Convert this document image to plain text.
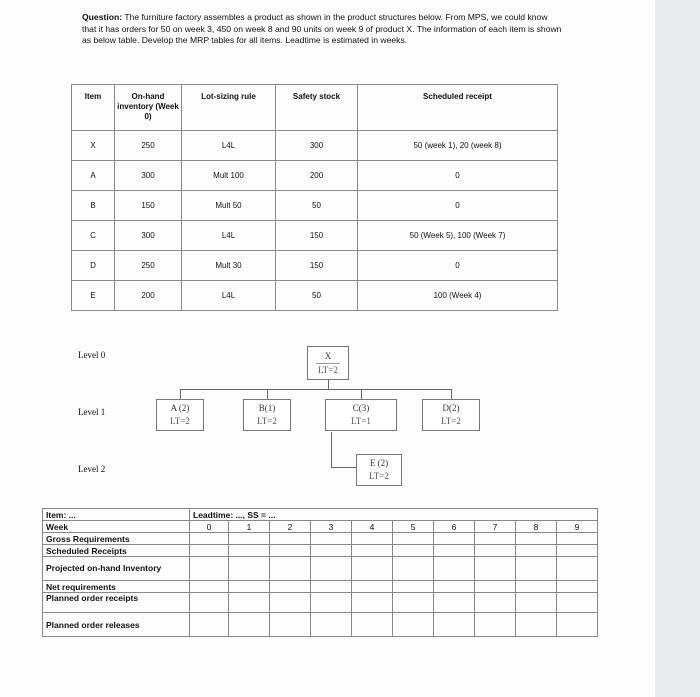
Question: The furniture factory assembles a product as shown in the product structures below. From MPS, we could know that it has orders for 50 on week 3, 450 on week 8 and 90 units on week 9 of product X. The information of each item is shown as below table. Develop the MRP tables for all items. Leadtime is estimated in weeks.
Item	On-hand inventory (Week 0)	Lot-sizing rule	Safety stock	Scheduled receipt
X	250	L4L	300	50 (week 1), 20 (week 8)
A	300	Mult 100	200	0
B	150	Mult 50	50	0
C	300	L4L	150	50 (Week 5), 100 (Week 7)
D	250	Mult 30	150	0
E	200	L4L	50	100 (Week 4)
Level 0
Level 1
Level 2
X
LT=2
A (2)
LT=2
B(1)
LT=2
C(3)
LT=1
D(2)
LT=2
E (2)
LT=2
Item: ...	Leadtime: ..., SS = ...									
Week	0	1	2	3	4	5	6	7	8	9
Gross Requirements										
Scheduled Receipts										
Projected on-hand Inventory										
Net requirements										
Planned order receipts										
Planned order releases										
